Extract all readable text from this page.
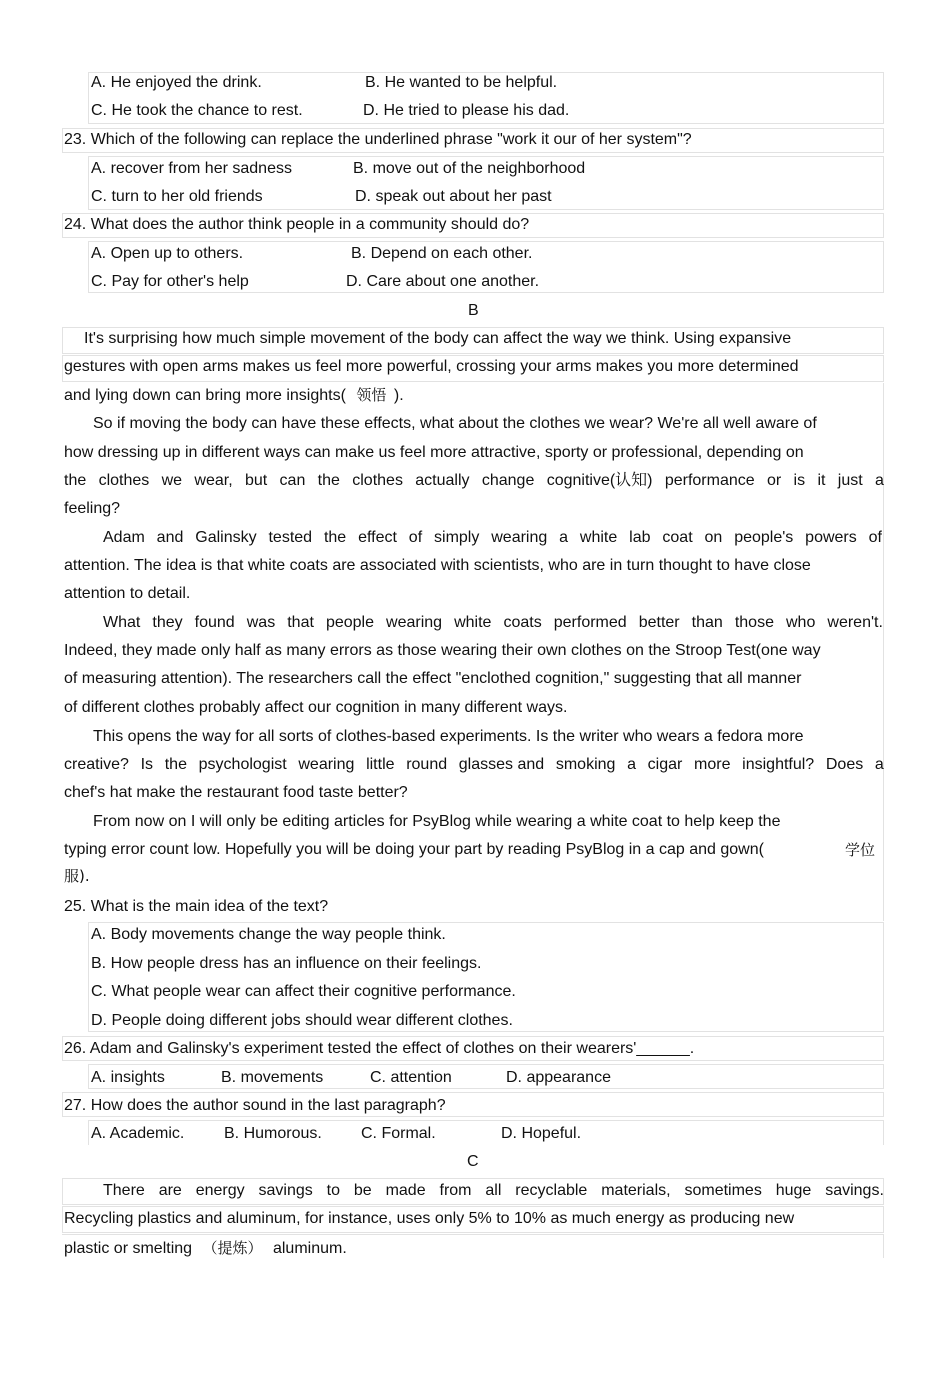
A. He enjoyed the drink.	B. He wanted to be helpful.
C. He took the chance to rest.	D. He tried to please his dad.
23. Which of the following can replace the underlined phrase "work it our of her system"?
A. recover from her sadness	B. move out of the neighborhood
C. turn to her old friends	D. speak out about her past
24. What does the author think people in a community should do?
A. Open up to others.	B. Depend on each other.
C. Pay for other's help	D. Care about one another.
B
It's surprising how much simple movement of the body can affect the way we think. Using expansive
gestures with open arms makes us feel more powerful, crossing your arms makes you more determined
and lying down can bring more insights( 领悟 ).
So if moving the body can have these effects, what about the clothes we wear? We're all well aware of
how dressing up in different ways can make us feel more attractive, sporty or professional, depending on
the clothes we wear, but can the clothes actually change cognitive(认知) performance or is it just a
feeling?
Adam and Galinsky tested the effect of simply wearing a white lab coat on people's powers of
attention. The idea is that white coats are associated with scientists, who are in turn thought to have close
attention to detail.
What they found was that people wearing white coats performed better than those who weren't.
Indeed, they made only half as many errors as those wearing their own clothes on the Stroop Test(one way
of measuring attention). The researchers call the effect "enclothed cognition," suggesting that all manner
of different clothes probably affect our cognition in many different ways.
This opens the way for all sorts of clothes-based experiments. Is the writer who wears a fedora more
creative? Is the psychologist wearing little round glasses and smoking a cigar more insightful? Does a
chef's hat make the restaurant food taste better?
From now on I will only be editing articles for PsyBlog while wearing a white coat to help keep the
typing error count low. Hopefully you will be doing your part by reading PsyBlog in a cap and gown(	学位
服).
25. What is the main idea of the text?
A. Body movements change the way people think.
B. How people dress has an influence on their feelings.
C. What people wear can affect their cognitive performance.
D. People doing different jobs should wear different clothes.
26. Adam and Galinsky's experiment tested the effect of clothes on their wearers'______.
A. insights	B. movements	C. attention	D. appearance
27. How does the author sound in the last paragraph?
A. Academic. B. Humorous. C. Formal.	D. Hopeful.
C
There are energy savings to be made from all recyclable materials, sometimes huge savings.
Recycling plastics and aluminum, for instance, uses only 5% to 10% as much energy as producing new
plastic or smelting （提炼） aluminum.
